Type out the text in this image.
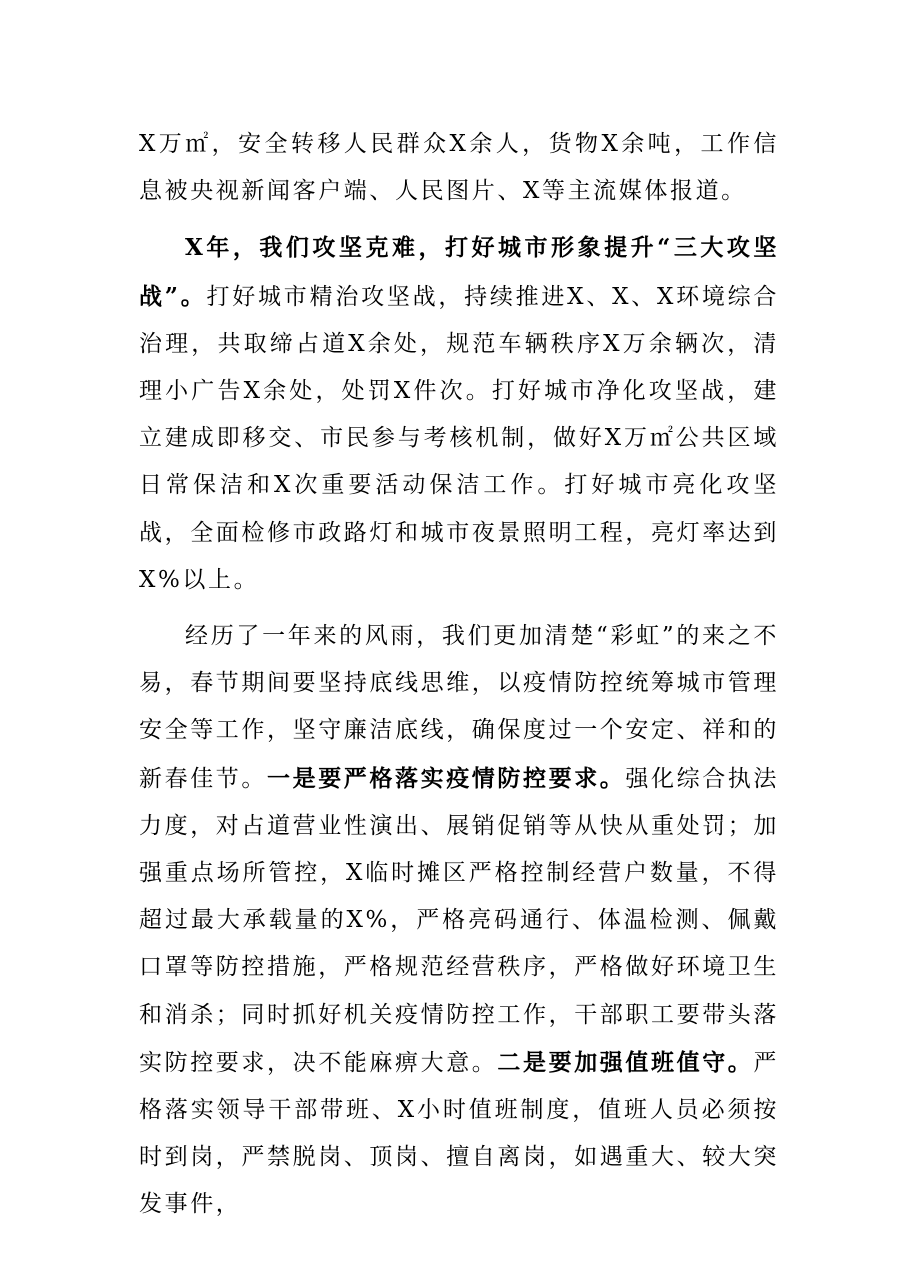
X万㎡，安全转移人民群众X余人，货物X余吨，工作信息被央视新闻客户端、人民图片、X等主流媒体报道。

X年，我们攻坚克难，打好城市形象提升“三大攻坚战”。打好城市精治攻坚战，持续推进X、X、X环境综合治理，共取缔占道X余处，规范车辆秩序X万余辆次，清理小广告X余处，处罚X件次。打好城市净化攻坚战，建立建成即移交、市民参与考核机制，做好X万㎡公共区域日常保洁和X次重要活动保洁工作。打好城市亮化攻坚战，全面检修市政路灯和城市夜景照明工程，亮灯率达到X%以上。

经历了一年来的风雨，我们更加清楚“彩虹”的来之不易，春节期间要坚持底线思维，以疫情防控统筹城市管理安全等工作，坚守廉洁底线，确保度过一个安定、祥和的新春佳节。一是要严格落实疫情防控要求。强化综合执法力度，对占道营业性演出、展销促销等从快从重处罚；加强重点场所管控，X临时摊区严格控制经营户数量，不得超过最大承载量的X%，严格亮码通行、体温检测、佩戴口罩等防控措施，严格规范经营秩序，严格做好环境卫生和消杀；同时抓好机关疫情防控工作，干部职工要带头落实防控要求，决不能麻痹大意。二是要加强值班值守。严格落实领导干部带班、X小时值班制度，值班人员必须按时到岗，严禁脱岗、顶岗、擅自离岗，如遇重大、较大突发事件，
